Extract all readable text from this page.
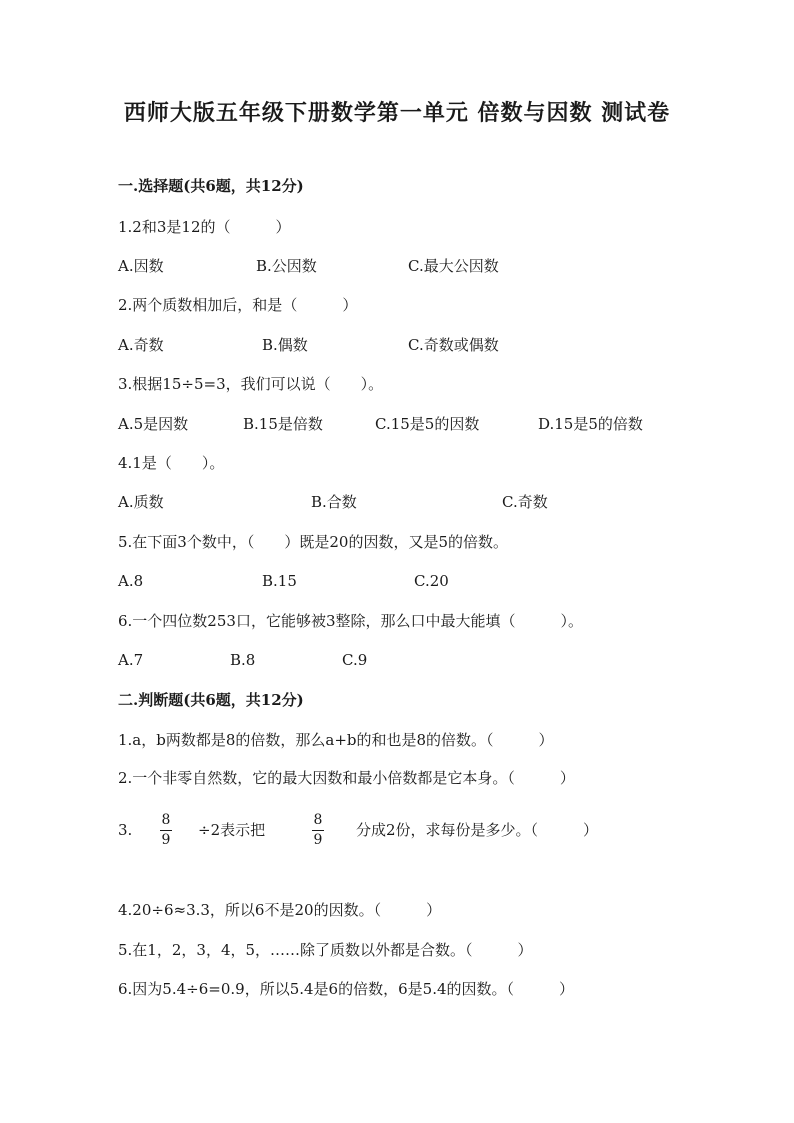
西师大版五年级下册数学第一单元 倍数与因数 测试卷
一.选择题(共6题，共12分)
1.2和3是12的（　　　）
A.因数	B.公因数	C.最大公因数
2.两个质数相加后，和是（　　　）
A.奇数	B.偶数	C.奇数或偶数
3.根据15÷5=3，我们可以说（　　）。
A.5是因数	B.15是倍数	C.15是5的因数	D.15是5的倍数
4.1是（　　）。
A.质数	B.合数	C.奇数
5.在下面3个数中，（　　）既是20的因数，又是5的倍数。
A.8	B.15	C.20
6.一个四位数253口，它能够被3整除，那么口中最大能填（　　　）。
A.7	B.8	C.9
二.判断题(共6题，共12分)
1.a，b两数都是8的倍数，那么a+b的和也是8的倍数。（　　　）
2.一个非零自然数，它的最大因数和最小倍数都是它本身。（　　　）
3.
8
9
÷2表示把
8
9
分成2份，求每份是多少。（　　　）
4.20÷6≈3.3，所以6不是20的因数。（　　　）
5.在1，2，3，4，5，……除了质数以外都是合数。（　　　）
6.因为5.4÷6=0.9，所以5.4是6的倍数，6是5.4的因数。（　　　）
